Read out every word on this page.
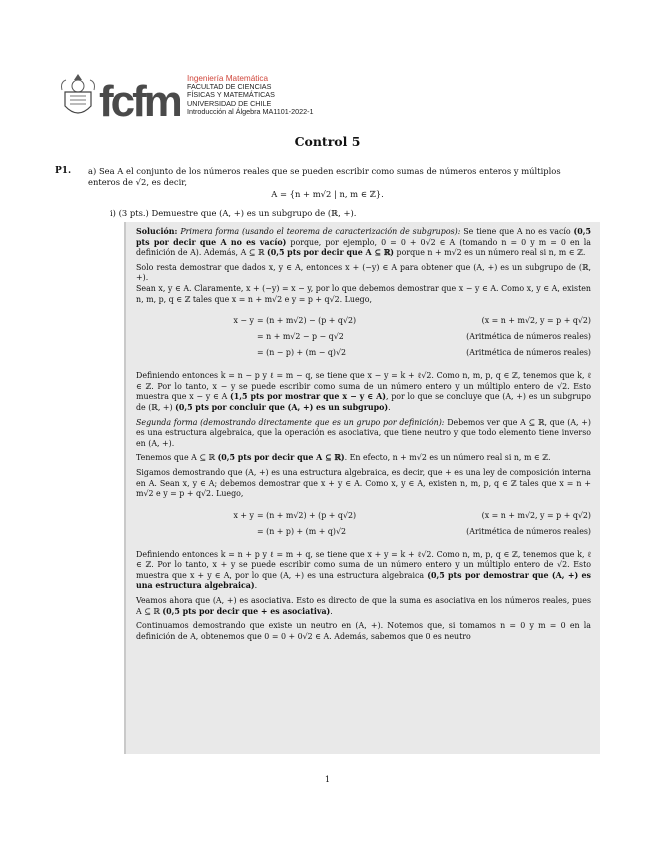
fcfm Ingeniería Matemática
FACULTAD DE CIENCIAS
FÍSICAS Y MATEMÁTICAS
UNIVERSIDAD DE CHILE
Introducción al Álgebra MA1101-2022-1
Control 5
P1. a) Sea A el conjunto de los números reales que se pueden escribir como sumas de números enteros y múltiplos enteros de √2, es decir,
A = {n + m√2 | n, m ∈ ℤ}.
i) (3 pts.) Demuestre que (A, +) es un subgrupo de (ℝ, +).

Solución: Primera forma (usando el teorema de caracterización de subgrupos): Se tiene que A no es vacío (0,5 pts por decir que A no es vacío) porque, por ejemplo, 0 = 0 + 0√2 ∈ A (tomando n = 0 y m = 0 en la definición de A). Además, A ⊆ ℝ (0,5 pts por decir que A ⊆ ℝ) porque n + m√2 es un número real si n, m ∈ ℤ.

Solo resta demostrar que dados x, y ∈ A, entonces x + (−y) ∈ A para obtener que (A, +) es un subgrupo de (ℝ, +).

Sean x, y ∈ A. Claramente, x + (−y) = x − y, por lo que debemos demostrar que x − y ∈ A. Como x, y ∈ A, existen n, m, p, q ∈ ℤ tales que x = n + m√2 e y = p + q√2. Luego,

x − y = (n + m√2) − (p + q√2)	(x = n + m√2, y = p + q√2)
= n + m√2 − p − q√2	(Aritmética de números reales)
= (n − p) + (m − q)√2	(Aritmética de números reales)

Definiendo entonces k = n − p y ℓ = m − q, se tiene que x − y = k + ℓ√2. Como n, m, p, q ∈ ℤ, tenemos que k, ℓ ∈ ℤ. Por lo tanto, x − y se puede escribir como suma de un número entero y un múltiplo entero de √2. Esto muestra que x − y ∈ A (1,5 pts por mostrar que x − y ∈ A), por lo que se concluye que (A, +) es un subgrupo de (ℝ, +) (0,5 pts por concluir que (A, +) es un subgrupo).

Segunda forma (demostrando directamente que es un grupo por definición): Debemos ver que A ⊆ ℝ, que (A, +) es una estructura algebraica, que la operación es asociativa, que tiene neutro y que todo elemento tiene inverso en (A, +).

Tenemos que A ⊆ ℝ (0,5 pts por decir que A ⊆ ℝ). En efecto, n + m√2 es un número real si n, m ∈ ℤ.

Sigamos demostrando que (A, +) es una estructura algebraica, es decir, que + es una ley de composición interna en A. Sean x, y ∈ A; debemos demostrar que x + y ∈ A. Como x, y ∈ A, existen n, m, p, q ∈ ℤ tales que x = n + m√2 e y = p + q√2. Luego,

x + y = (n + m√2) + (p + q√2)	(x = n + m√2, y = p + q√2)
= (n + p) + (m + q)√2	(Aritmética de números reales)

Definiendo entonces k = n + p y ℓ = m + q, se tiene que x + y = k + ℓ√2. Como n, m, p, q ∈ ℤ, tenemos que k, ℓ ∈ ℤ. Por lo tanto, x + y se puede escribir como suma de un número entero y un múltiplo entero de √2. Esto muestra que x + y ∈ A, por lo que (A, +) es una estructura algebraica (0,5 pts por demostrar que (A, +) es una estructura algebraica).

Veamos ahora que (A, +) es asociativa. Esto es directo de que la suma es asociativa en los números reales, pues A ⊆ ℝ (0,5 pts por decir que + es asociativa).

Continuamos demostrando que existe un neutro en (A, +). Notemos que, si tomamos n = 0 y m = 0 en la definición de A, obtenemos que 0 = 0 + 0√2 ∈ A. Además, sabemos que 0 es neutro

1
